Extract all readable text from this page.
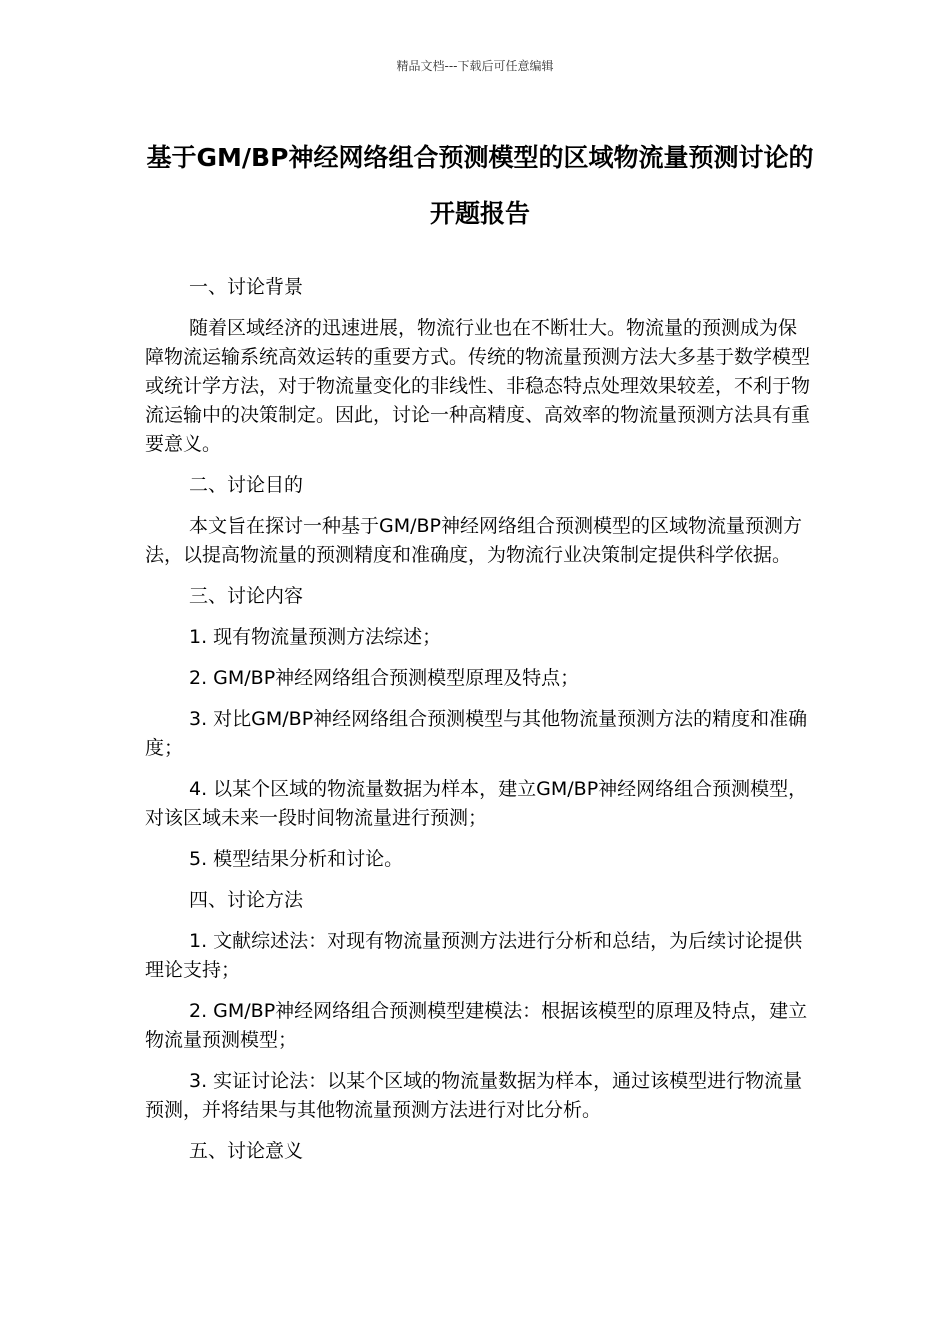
精品文档---下载后可任意编辑
基于GM/BP神经网络组合预测模型的区域物流量预测讨论的开题报告

一、讨论背景

随着区域经济的迅速进展，物流行业也在不断壮大。物流量的预测成为保障物流运输系统高效运转的重要方式。传统的物流量预测方法大多基于数学模型或统计学方法，对于物流量变化的非线性、非稳态特点处理效果较差，不利于物流运输中的决策制定。因此，讨论一种高精度、高效率的物流量预测方法具有重要意义。

二、讨论目的

本文旨在探讨一种基于GM/BP神经网络组合预测模型的区域物流量预测方法，以提高物流量的预测精度和准确度，为物流行业决策制定提供科学依据。

三、讨论内容

1. 现有物流量预测方法综述；

2. GM/BP神经网络组合预测模型原理及特点；

3. 对比GM/BP神经网络组合预测模型与其他物流量预测方法的精度和准确度；

4. 以某个区域的物流量数据为样本，建立GM/BP神经网络组合预测模型，对该区域未来一段时间物流量进行预测；

5. 模型结果分析和讨论。

四、讨论方法

1. 文献综述法：对现有物流量预测方法进行分析和总结，为后续讨论提供理论支持；

2. GM/BP神经网络组合预测模型建模法：根据该模型的原理及特点，建立物流量预测模型；

3. 实证讨论法：以某个区域的物流量数据为样本，通过该模型进行物流量预测，并将结果与其他物流量预测方法进行对比分析。

五、讨论意义
